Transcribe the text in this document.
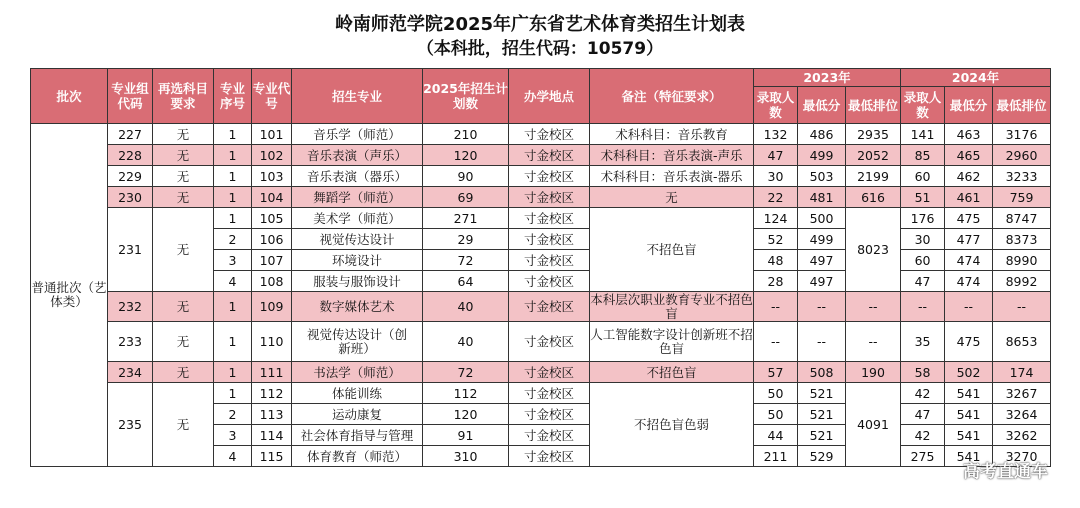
岭南师范学院2025年广东省艺术体育类招生计划表
（本科批，招生代码：10579）
批次	专业组代码	再选科目要求	专业序号	专业代号	招生专业	2025年招生计划数	办学地点	备注（特征要求）	2023年			2024年		
									录取人数	最低分	最低排位	录取人数	最低分	最低排位
普通批次（艺体类）	227	无	1	101	音乐学（师范）	210	寸金校区	术科科目：音乐教育	132	486	2935	141	463	3176
	228	无	1	102	音乐表演（声乐）	120	寸金校区	术科科目：音乐表演-声乐	47	499	2052	85	465	2960
	229	无	1	103	音乐表演（器乐）	90	寸金校区	术科科目：音乐表演-器乐	30	503	2199	60	462	3233
	230	无	1	104	舞蹈学（师范）	69	寸金校区	无	22	481	616	51	461	759
	231	无	1	105	美术学（师范）	271	寸金校区	不招色盲	124	500	8023	176	475	8747
			2	106	视觉传达设计	29	寸金校区		52	499		30	477	8373
			3	107	环境设计	72	寸金校区		48	497		60	474	8990
			4	108	服装与服饰设计	64	寸金校区		28	497		47	474	8992
	232	无	1	109	数字媒体艺术	40	寸金校区	本科层次职业教育专业不招色盲	--	--	--	--	--	--
	233	无	1	110	视觉传达设计（创新班）	40	寸金校区	人工智能数字设计创新班不招色盲	--	--	--	35	475	8653
	234	无	1	111	书法学（师范）	72	寸金校区	不招色盲	57	508	190	58	502	174
	235	无	1	112	体能训练	112	寸金校区	不招色盲色弱	50	521	4091	42	541	3267
			2	113	运动康复	120	寸金校区		50	521		47	541	3264
			3	114	社会体育指导与管理	91	寸金校区		44	521		42	541	3262
			4	115	体育教育（师范）	310	寸金校区		211	529		275	541	3270
高考直通车
